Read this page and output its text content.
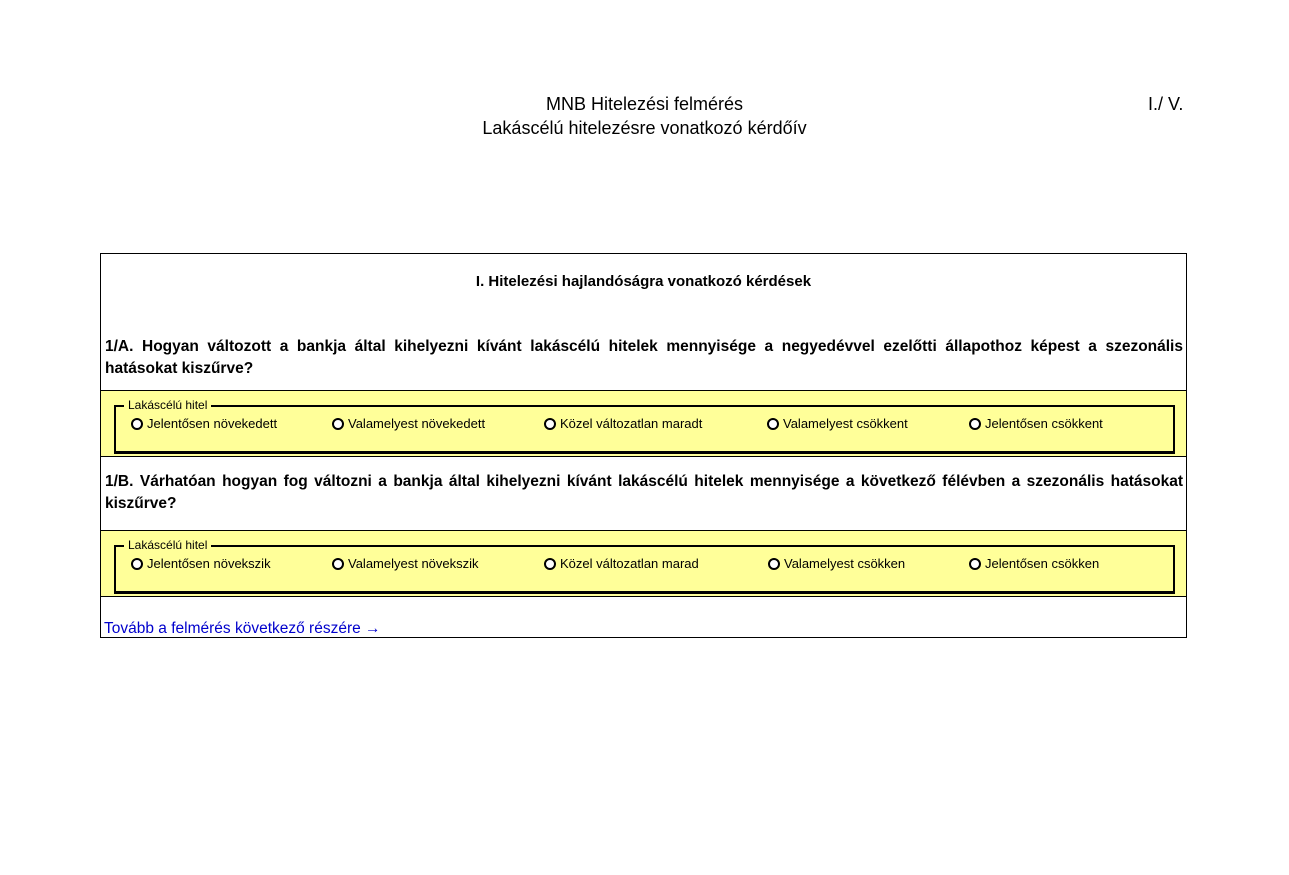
MNB Hitelezési felmérés
Lakáscélú hitelezésre vonatkozó kérdőív
I./ V.
I. Hitelezési hajlandóságra vonatkozó kérdések
1/A. Hogyan változott a bankja által kihelyezni kívánt lakáscélú hitelek mennyisége a negyedévvel ezelőtti állapothoz képest a szezonális hatásokat kiszűrve?
Lakáscélú hitel
Jelentősen növekedett	Valamelyest növekedett	Közel változatlan maradt	Valamelyest csökkent	Jelentősen csökkent
1/B. Várhatóan hogyan fog változni a bankja által kihelyezni kívánt lakáscélú hitelek mennyisége a következő félévben a szezonális hatásokat kiszűrve?
Lakáscélú hitel
Jelentősen növekszik	Valamelyest növekszik	Közel változatlan marad	Valamelyest csökken	Jelentősen csökken
Tovább a felmérés következő részére →
